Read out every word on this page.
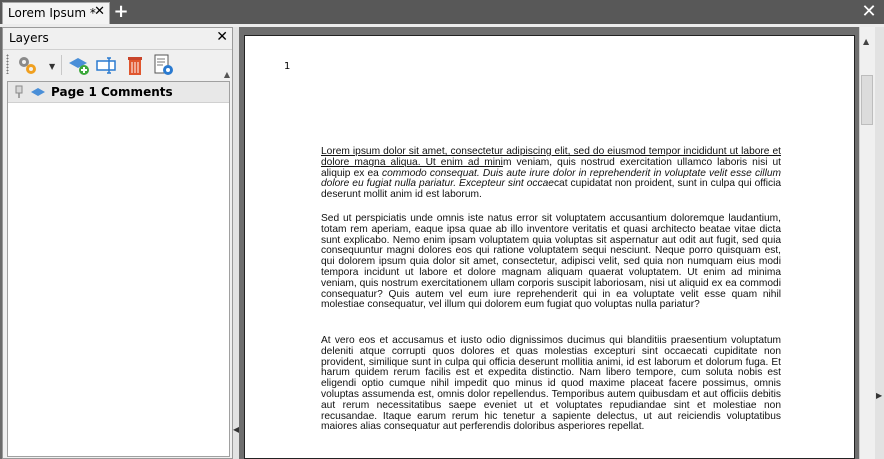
Lorem Ipsum *
✕ +	✕
Layers	✕
▼
▲
Page 1 Comments
◀
1
Lorem ipsum dolor sit amet, consectetur adipiscing elit, sed do eiusmod tempor incididunt ut labore et dolore magna aliqua. Ut enim ad minim veniam, quis nostrud exercitation ullamco laboris nisi ut aliquip ex ea commodo consequat. Duis aute irure dolor in reprehenderit in voluptate velit esse cillum dolore eu fugiat nulla pariatur. Excepteur sint occaecat cupidatat non proident, sunt in culpa qui officia deserunt mollit anim id est laborum.
Sed ut perspiciatis unde omnis iste natus error sit voluptatem accusantium doloremque laudantium, totam rem aperiam, eaque ipsa quae ab illo inventore veritatis et quasi architecto beatae vitae dicta sunt explicabo. Nemo enim ipsam voluptatem quia voluptas sit aspernatur aut odit aut fugit, sed quia consequuntur magni dolores eos qui ratione voluptatem sequi nesciunt. Neque porro quisquam est, qui dolorem ipsum quia dolor sit amet, consectetur, adipisci velit, sed quia non numquam eius modi tempora incidunt ut labore et dolore magnam aliquam quaerat voluptatem. Ut enim ad minima veniam, quis nostrum exercitationem ullam corporis suscipit laboriosam, nisi ut aliquid ex ea commodi consequatur? Quis autem vel eum iure reprehenderit qui in ea voluptate velit esse quam nihil molestiae consequatur, vel illum qui dolorem eum fugiat quo voluptas nulla pariatur?
At vero eos et accusamus et iusto odio dignissimos ducimus qui blanditiis praesentium voluptatum deleniti atque corrupti quos dolores et quas molestias excepturi sint occaecati cupiditate non provident, similique sunt in culpa qui officia deserunt mollitia animi, id est laborum et dolorum fuga. Et harum quidem rerum facilis est et expedita distinctio. Nam libero tempore, cum soluta nobis est eligendi optio cumque nihil impedit quo minus id quod maxime placeat facere possimus, omnis voluptas assumenda est, omnis dolor repellendus. Temporibus autem quibusdam et aut officiis debitis aut rerum necessitatibus saepe eveniet ut et voluptates repudiandae sint et molestiae non recusandae. Itaque earum rerum hic tenetur a sapiente delectus, ut aut reiciendis voluptatibus maiores alias consequatur aut perferendis doloribus asperiores repellat.
▲
▶
